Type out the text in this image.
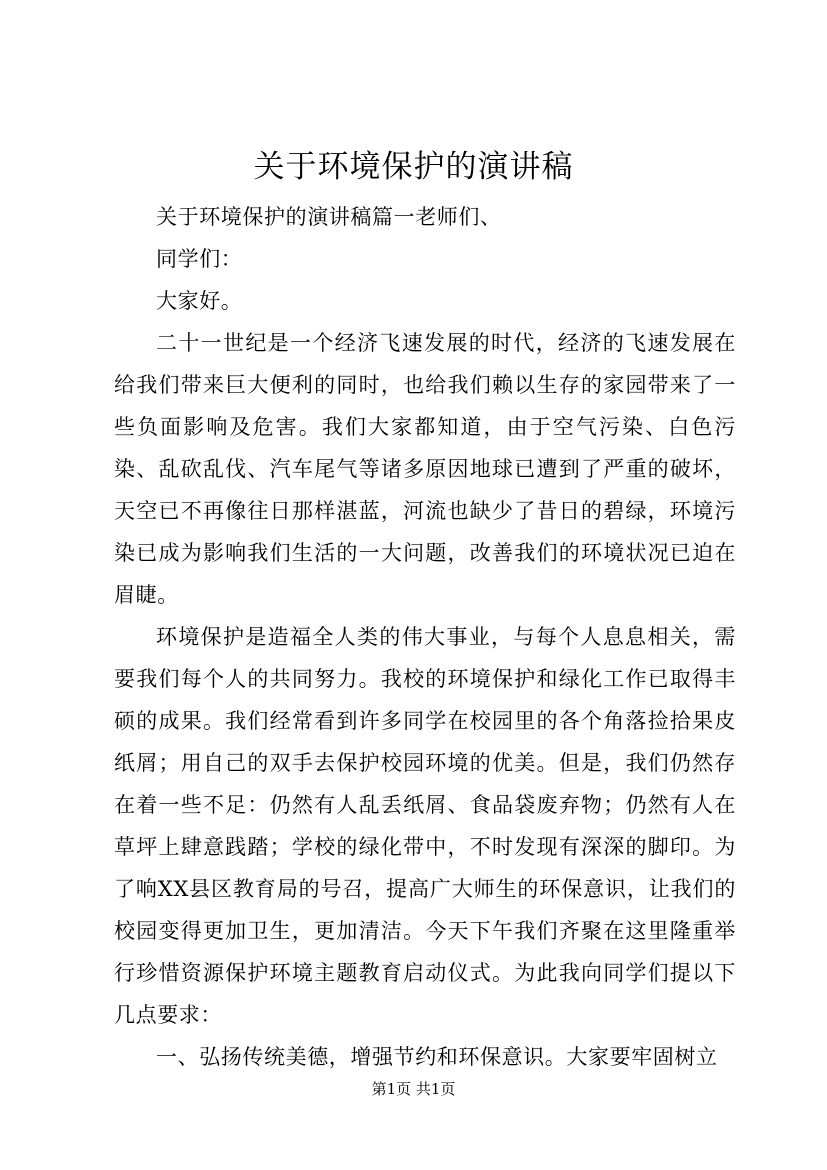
关于环境保护的演讲稿

关于环境保护的演讲稿篇一老师们、

同学们：

大家好。

二十一世纪是一个经济飞速发展的时代，经济的飞速发展在给我们带来巨大便利的同时，也给我们赖以生存的家园带来了一些负面影响及危害。我们大家都知道，由于空气污染、白色污染、乱砍乱伐、汽车尾气等诸多原因地球已遭到了严重的破坏，天空已不再像往日那样湛蓝，河流也缺少了昔日的碧绿，环境污染已成为影响我们生活的一大问题，改善我们的环境状况已迫在眉睫。

环境保护是造福全人类的伟大事业，与每个人息息相关，需要我们每个人的共同努力。我校的环境保护和绿化工作已取得丰硕的成果。我们经常看到许多同学在校园里的各个角落捡拾果皮纸屑；用自己的双手去保护校园环境的优美。但是，我们仍然存在着一些不足：仍然有人乱丢纸屑、食品袋废弃物；仍然有人在草坪上肆意践踏；学校的绿化带中，不时发现有深深的脚印。为了响XX县区教育局的号召，提高广大师生的环保意识，让我们的校园变得更加卫生，更加清洁。今天下午我们齐聚在这里隆重举行珍惜资源保护环境主题教育启动仪式。为此我向同学们提以下几点要求：

一、弘扬传统美德，增强节约和环保意识。大家要牢固树立

第1页 共1页
